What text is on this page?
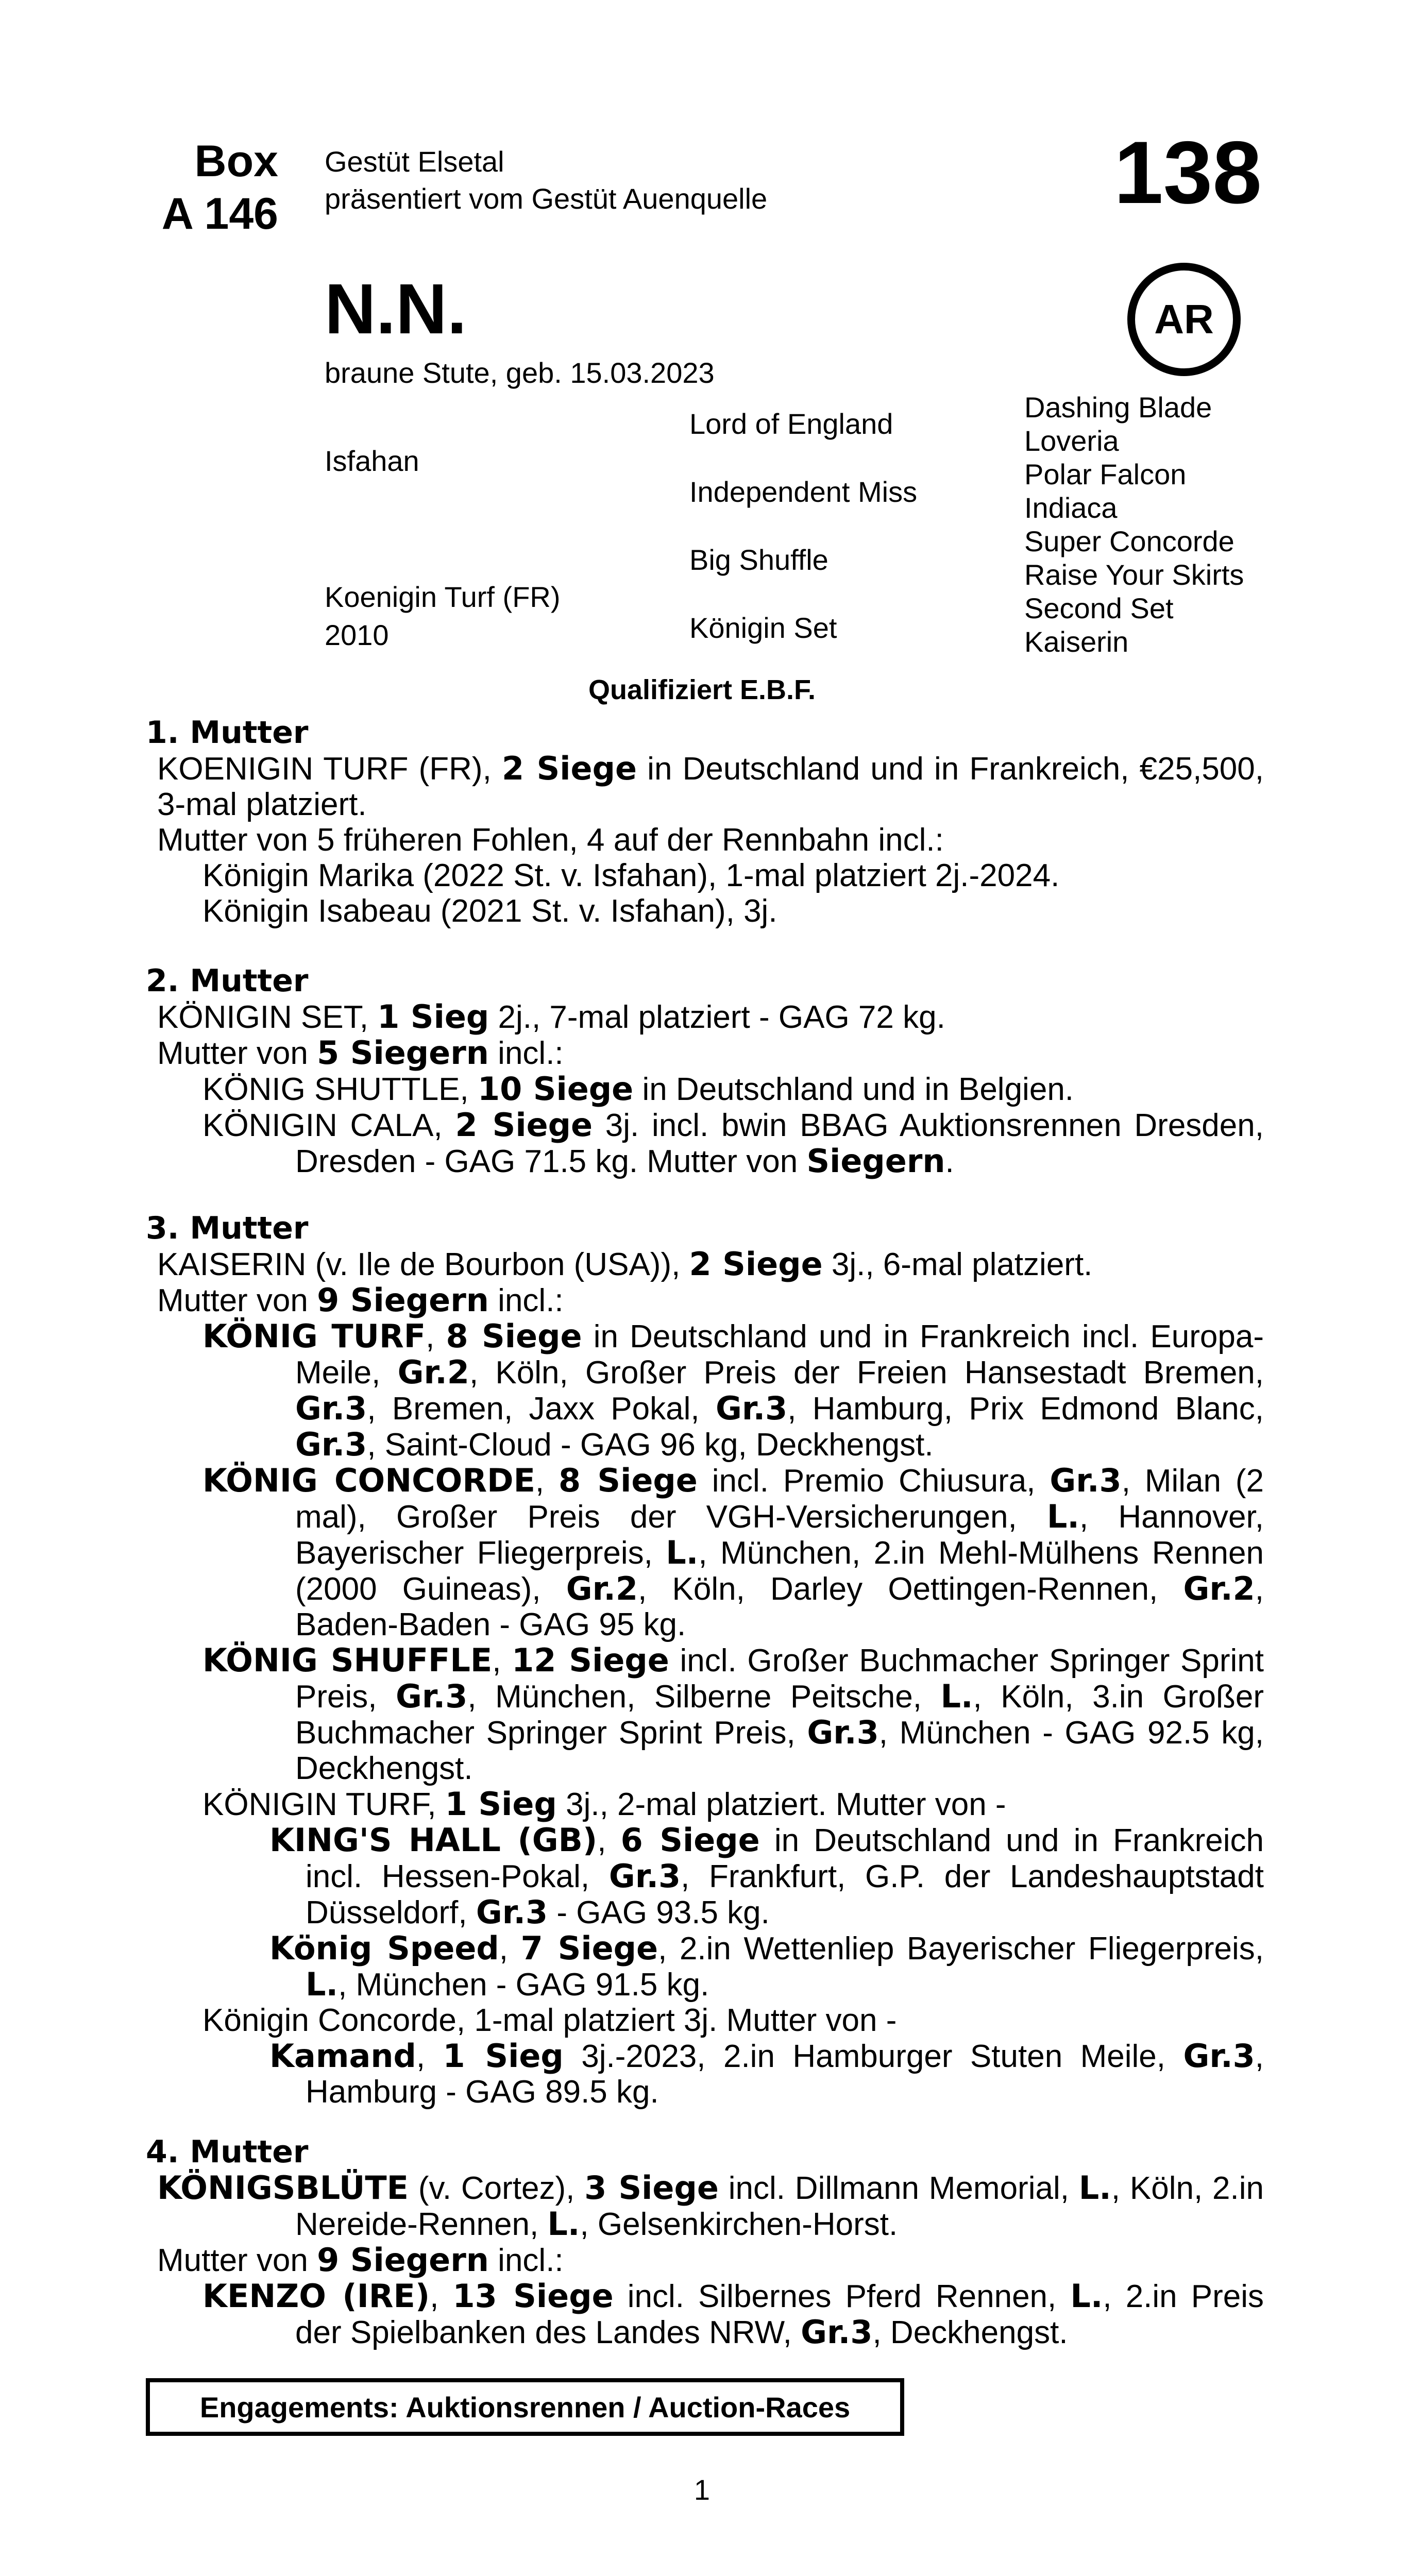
Box
A 146
Gestüt Elsetal
präsentiert vom Gestüt Auenquelle	138
AR
N.N.
braune Stute, geb. 15.03.2023
Isfahan
Koenigin Turf (FR)
2010
Lord of England
Independent Miss
Big Shuffle
Königin Set
Dashing Blade
Loveria
Polar Falcon
Indiaca
Super Concorde
Raise Your Skirts
Second Set
Kaiserin
Qualifiziert E.B.F.

1. Mutter

KOENIGIN TURF (FR), 2 Siege in Deutschland und in Frankreich, €25,500, 3-mal platziert.

Mutter von 5 früheren Fohlen, 4 auf der Rennbahn incl.:

Königin Marika (2022 St. v. Isfahan), 1-mal platziert 2j.-2024.

Königin Isabeau (2021 St. v. Isfahan), 3j.

2. Mutter

KÖNIGIN SET, 1 Sieg 2j., 7-mal platziert - GAG 72 kg.

Mutter von 5 Siegern incl.:

KÖNIG SHUTTLE, 10 Siege in Deutschland und in Belgien.

KÖNIGIN CALA, 2 Siege 3j. incl. bwin BBAG Auktionsrennen Dresden, Dresden - GAG 71.5 kg. Mutter von Siegern.

3. Mutter

KAISERIN (v. Ile de Bourbon (USA)), 2 Siege 3j., 6-mal platziert.

Mutter von 9 Siegern incl.:

KÖNIG TURF, 8 Siege in Deutschland und in Frankreich incl. Europa-Meile, Gr.2, Köln, Großer Preis der Freien Hansestadt Bremen, Gr.3, Bremen, Jaxx Pokal, Gr.3, Hamburg, Prix Edmond Blanc, Gr.3, Saint-Cloud - GAG 96 kg, Deckhengst.

KÖNIG CONCORDE, 8 Siege incl. Premio Chiusura, Gr.3, Milan (2 mal), Großer Preis der VGH-Versicherungen, L., Hannover, Bayerischer Fliegerpreis, L., München, 2.in Mehl-Mülhens Rennen (2000 Guineas), Gr.2, Köln, Darley Oettingen-Rennen, Gr.2, Baden-Baden - GAG 95 kg.

KÖNIG SHUFFLE, 12 Siege incl. Großer Buchmacher Springer Sprint Preis, Gr.3, München, Silberne Peitsche, L., Köln, 3.in Großer Buchmacher Springer Sprint Preis, Gr.3, München - GAG 92.5 kg, Deckhengst.

KÖNIGIN TURF, 1 Sieg 3j., 2-mal platziert. Mutter von -

KING'S HALL (GB), 6 Siege in Deutschland und in Frankreich incl. Hessen-Pokal, Gr.3, Frankfurt, G.P. der Landeshauptstadt Düsseldorf, Gr.3 - GAG 93.5 kg.

König Speed, 7 Siege, 2.in Wettenliep Bayerischer Fliegerpreis, L., München - GAG 91.5 kg.

Königin Concorde, 1-mal platziert 3j. Mutter von -

Kamand, 1 Sieg 3j.-2023, 2.in Hamburger Stuten Meile, Gr.3, Hamburg - GAG 89.5 kg.

4. Mutter

KÖNIGSBLÜTE (v. Cortez), 3 Siege incl. Dillmann Memorial, L., Köln, 2.in Nereide-Rennen, L., Gelsenkirchen-Horst.

Mutter von 9 Siegern incl.:

KENZO (IRE), 13 Siege incl. Silbernes Pferd Rennen, L., 2.in Preis der Spielbanken des Landes NRW, Gr.3, Deckhengst.

Engagements: Auktionsrennen / Auction-Races
1
